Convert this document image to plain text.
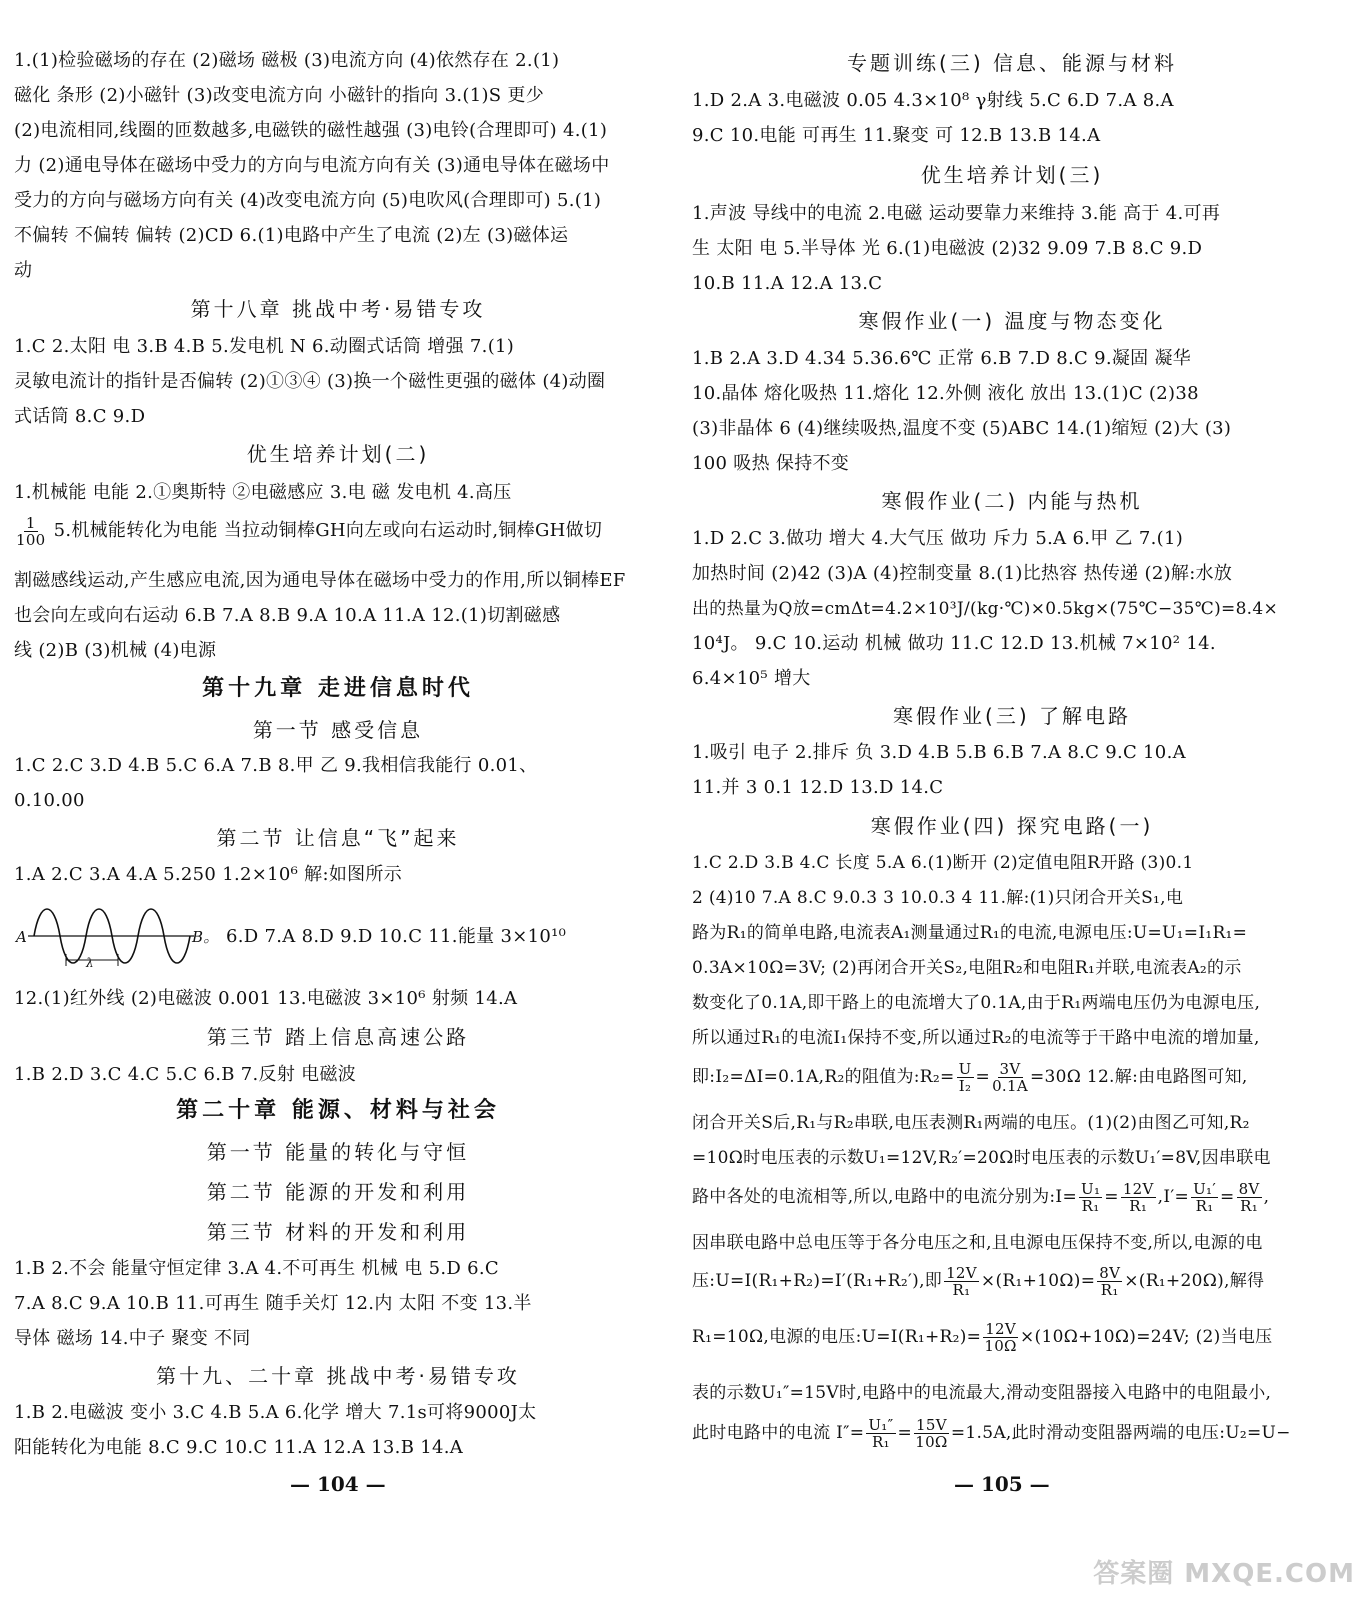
1.(1)检验磁场的存在 (2)磁场 磁极 (3)电流方向 (4)依然存在 2.(1)
磁化 条形 (2)小磁针 (3)改变电流方向 小磁针的指向 3.(1)S 更少
(2)电流相同,线圈的匝数越多,电磁铁的磁性越强 (3)电铃(合理即可) 4.(1)
力 (2)通电导体在磁场中受力的方向与电流方向有关 (3)通电导体在磁场中
受力的方向与磁场方向有关 (4)改变电流方向 (5)电吹风(合理即可) 5.(1)
不偏转 不偏转 偏转 (2)CD 6.(1)电路中产生了电流 (2)左 (3)磁体运
动
第十八章 挑战中考·易错专攻
1.C 2.太阳 电 3.B 4.B 5.发电机 N 6.动圈式话筒 增强 7.(1)
灵敏电流计的指针是否偏转 (2)①③④ (3)换一个磁性更强的磁体 (4)动圈
式话筒 8.C 9.D
优生培养计划(二)
1.机械能 电能 2.①奥斯特 ②电磁感应 3.电 磁 发电机 4.高压
$\frac{1}{100} 5$.机械能转化为电能 当拉动铜棒GH向左或向右运动时,铜棒GH做切
割磁感线运动,产生感应电流,因为通电导体在磁场中受力的作用,所以铜棒EF
也会向左或向右运动 6.B 7.A 8.B 9.A 10.A 11.A 12.(1)切割磁感
线 (2)B (3)机械 (4)电源
第十九章 走进信息时代
第一节 感受信息
1.C 2.C 3.D 4.B 5.C 6.A 7.B 8.甲 乙 9.我相信我能行 0.01、
0.10.00
第二节 让信息“飞”起来
1.A 2.C 3.A 4.A 5.250 1.2×10⁶ 解:如图所示
A	B。
λ
6.D 7.A 8.D 9.D 10.C 11.能量 3×10¹⁰
12.(1)红外线 (2)电磁波 0.001 13.电磁波 3×10⁶ 射频 14.A
第三节 踏上信息高速公路
1.B 2.D 3.C 4.C 5.C 6.B 7.反射 电磁波
第二十章 能源、材料与社会
第一节 能量的转化与守恒
第二节 能源的开发和利用
第三节 材料的开发和利用
1.B 2.不会 能量守恒定律 3.A 4.不可再生 机械 电 5.D 6.C
7.A 8.C 9.A 10.B 11.可再生 随手关灯 12.内 太阳 不变 13.半
导体 磁场 14.中子 聚变 不同
第十九、二十章 挑战中考·易错专攻
1.B 2.电磁波 变小 3.C 4.B 5.A 6.化学 增大 7.1s可将9000J太
阳能转化为电能 8.C 9.C 10.C 11.A 12.A 13.B 14.A
— 104 —
专题训练(三) 信息、能源与材料
1.D 2.A 3.电磁波 0.05 4.3×10⁸ γ射线 5.C 6.D 7.A 8.A
9.C 10.电能 可再生 11.聚变 可 12.B 13.B 14.A
优生培养计划(三)
1.声波 导线中的电流 2.电磁 运动要靠力来维持 3.能 高于 4.可再
生 太阳 电 5.半导体 光 6.(1)电磁波 (2)32 9.09 7.B 8.C 9.D
10.B 11.A 12.A 13.C
寒假作业(一) 温度与物态变化
1.B 2.A 3.D 4.34 5.36.6℃ 正常 6.B 7.D 8.C 9.凝固 凝华
10.晶体 熔化吸热 11.熔化 12.外侧 液化 放出 13.(1)C (2)38
(3)非晶体 6 (4)继续吸热,温度不变 (5)ABC 14.(1)缩短 (2)大 (3)
100 吸热 保持不变
寒假作业(二) 内能与热机
1.D 2.C 3.做功 增大 4.大气压 做功 斥力 5.A 6.甲 乙 7.(1)
加热时间 (2)42 (3)A (4)控制变量 8.(1)比热容 热传递 (2)解:水放
出的热量为Q放=cmΔt=4.2×10³J/(kg·℃)×0.5kg×(75℃−35℃)=8.4×
10⁴J。 9.C 10.运动 机械 做功 11.C 12.D 13.机械 7×10² 14.
6.4×10⁵ 增大
寒假作业(三) 了解电路
1.吸引 电子 2.排斥 负 3.D 4.B 5.B 6.B 7.A 8.C 9.C 10.A
11.并 3 0.1 12.D 13.D 14.C
寒假作业(四) 探究电路(一)
1.C 2.D 3.B 4.C 长度 5.A 6.(1)断开 (2)定值电阻R开路 (3)0.1
2 (4)10 7.A 8.C 9.0.3 3 10.0.3 4 11.解:(1)只闭合开关S₁,电
路为R₁的简单电路,电流表A₁测量通过R₁的电流,电源电压:U=U₁=I₁R₁=
0.3A×10Ω=3V; (2)再闭合开关S₂,电阻R₂和电阻R₁并联,电流表A₂的示
数变化了0.1A,即干路上的电流增大了0.1A,由于R₁两端电压仍为电源电压,
所以通过R₁的电流I₁保持不变,所以通过R₂的电流等于干路中电流的增加量,
即:I₂=ΔI=0.1A,R₂的阻值为:R₂= $\frac{U}{\text{I₂}} = \frac{3V}{0.1A} =30\Omega$ 12.解:由电路图可知,
闭合开关S后,R₁与R₂串联,电压表测R₁两端的电压。(1)(2)由图乙可知,R₂
=10Ω时电压表的示数U₁=12V,R₂′=20Ω时电压表的示数U₁′=8V,因串联电
路中各处的电流相等,所以,电路中的电流分别为:I= $\frac{\text{U₁}}{\text{R₁}} = \frac{12V}{\text{R₁}} ,I'= \frac{\text{U₁′}}{\text{R₁}} = \frac{8V}{\text{R₁}}$ ,
因串联电路中总电压等于各分电压之和,且电源电压保持不变,所以,电源的电
压:U=I(R₁+R₂)=I′(R₁+R₂′),即 $\frac{12V}{\text{R₁}} \times(R_1+10\Omega)= \frac{8V}{\text{R₁}} \times(R_1+20\Omega)$,解得
R₁=10Ω,电源的电压:U=I(R₁+R₂)= $\frac{12V}{10\Omega} \times(10\Omega+10\Omega)=24V$; (2)当电压
表的示数U₁″=15V时,电路中的电流最大,滑动变阻器接入电路中的电阻最小,
此时电路中的电流 $I''= \frac{\text{U₁″}}{\text{R₁}} = \frac{15V}{10\Omega} =1.5A$,此时滑动变阻器两端的电压:U₂=U−
— 105 —
答案圈 MXQE.COM
